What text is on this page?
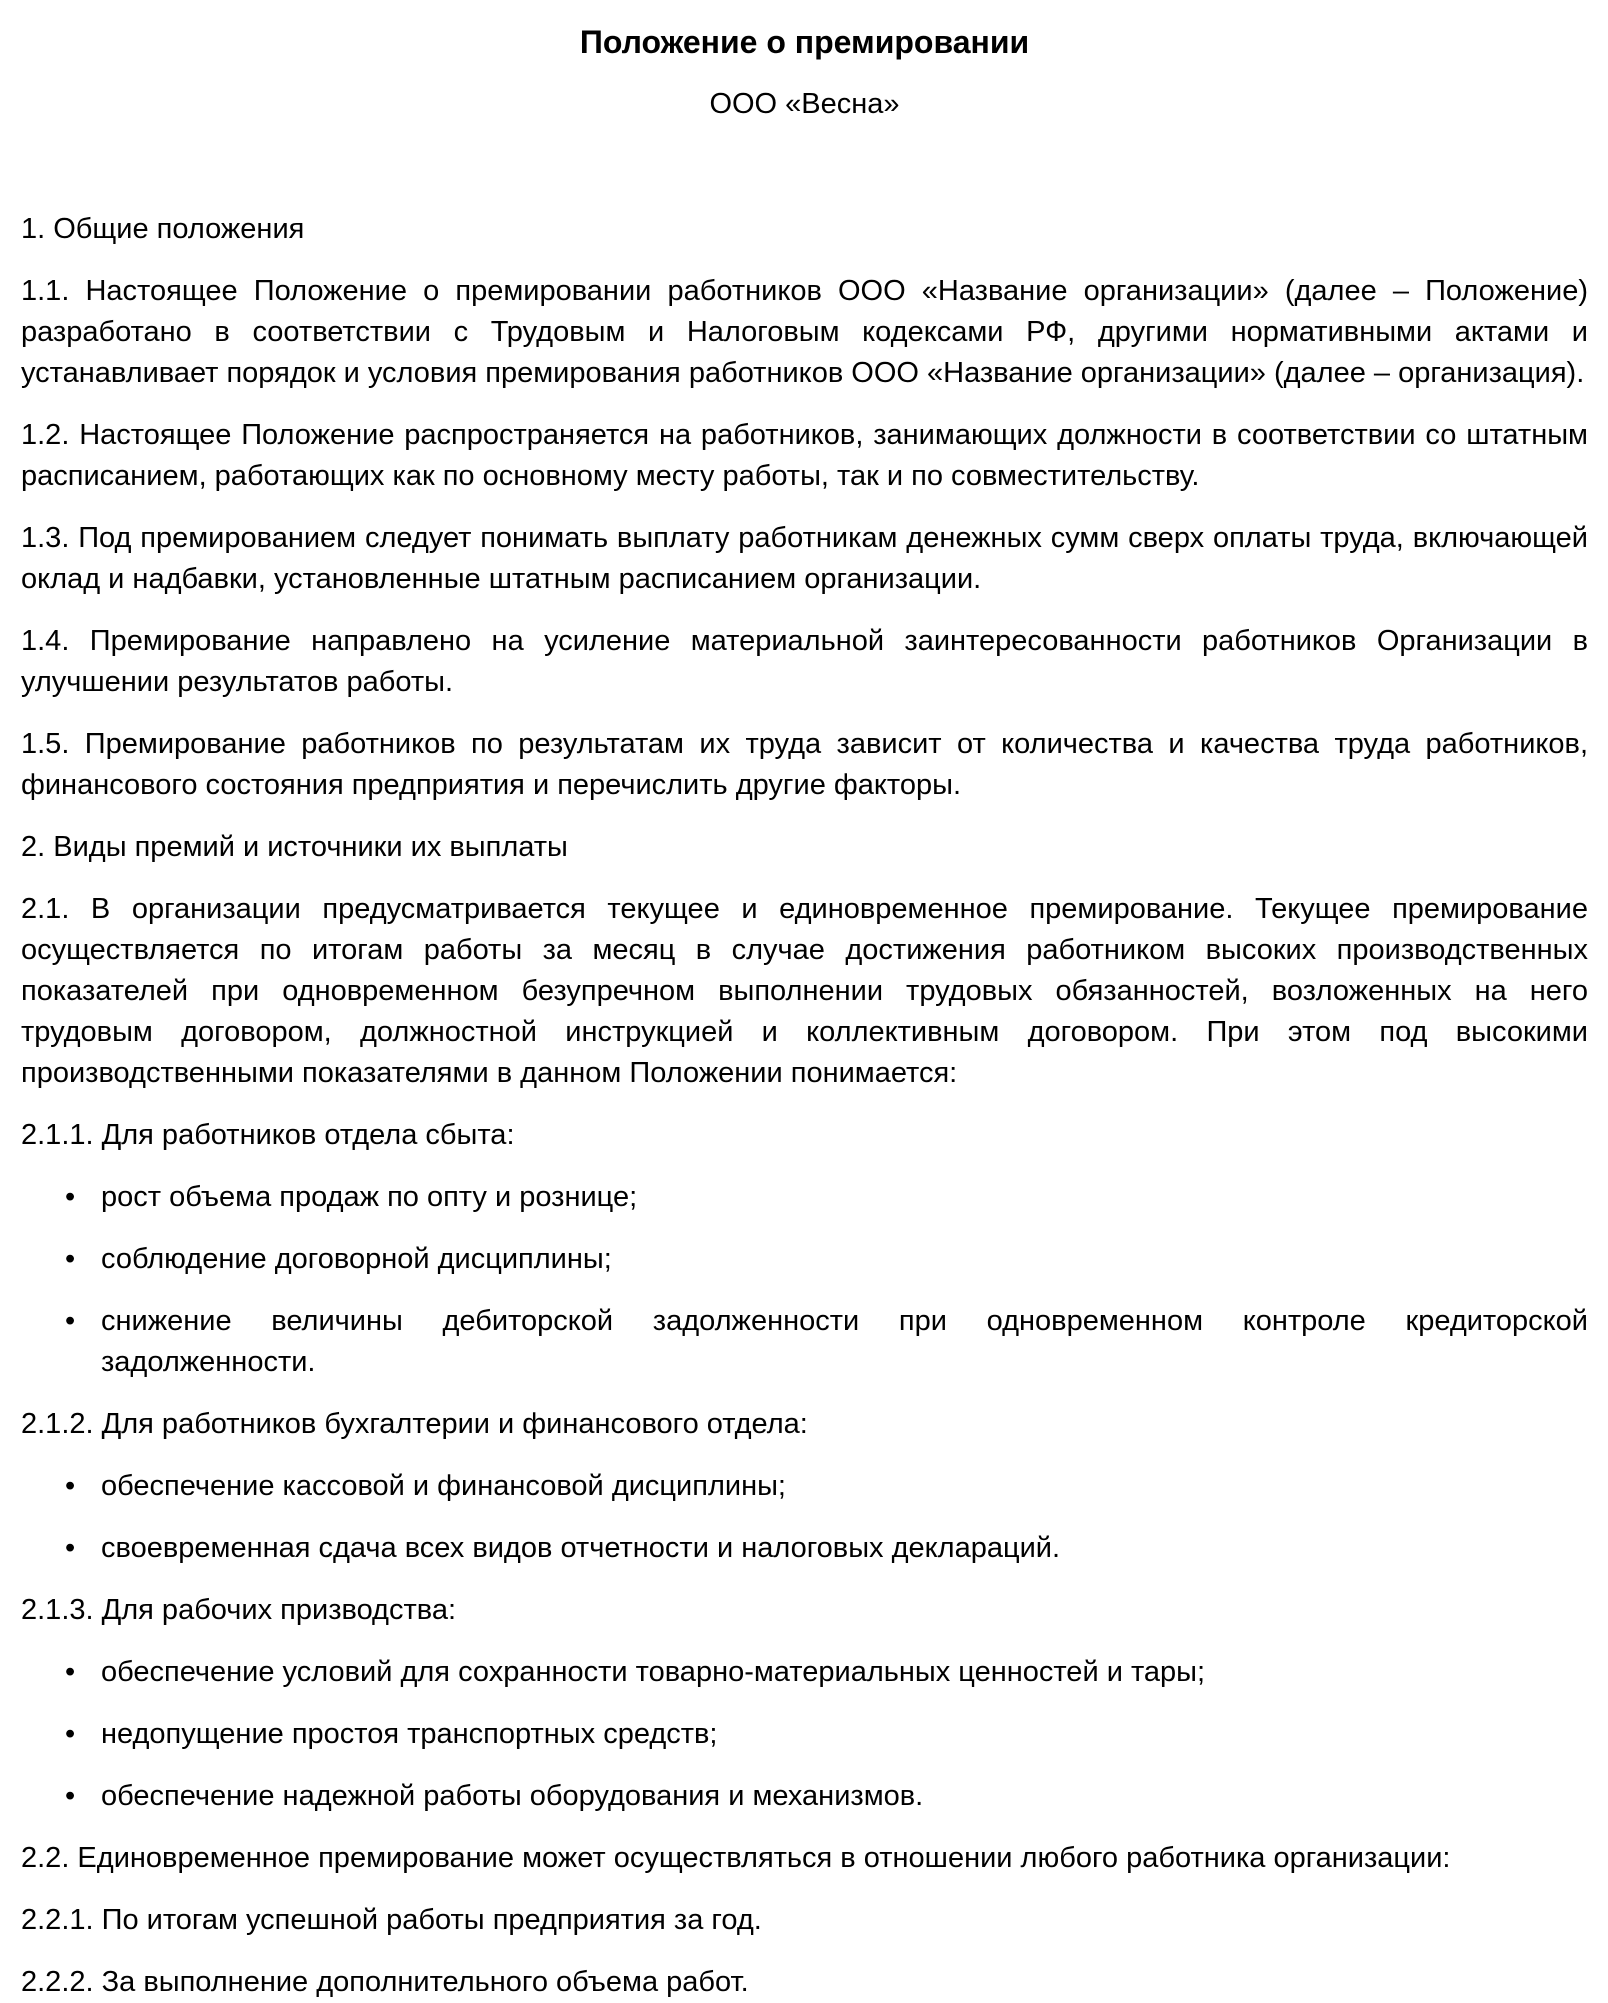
Положение о премировании

ООО «Весна»

1. Общие положения

1.1. Настоящее Положение о премировании работников ООО «Название организации» (далее – Положение) разработано в соответствии с Трудовым и Налоговым кодексами РФ, другими нормативными актами и устанавливает порядок и условия премирования работников ООО «Название организации» (далее – организация).

1.2. Настоящее Положение распространяется на работников, занимающих должности в соответствии со штатным расписанием, работающих как по основному месту работы, так и по совместительству.

1.3. Под премированием следует понимать выплату работникам денежных сумм сверх оплаты труда, включающей оклад и надбавки, установленные штатным расписанием организации.

1.4. Премирование направлено на усиление материальной заинтересованности работников Организации в улучшении результатов работы.

1.5. Премирование работников по результатам их труда зависит от количества и качества труда работников, финансового состояния предприятия и перечислить другие факторы.

2. Виды премий и источники их выплаты

2.1. В организации предусматривается текущее и единовременное премирование. Текущее премирование осуществляется по итогам работы за месяц в случае достижения работником высоких производственных показателей при одновременном безупречном выполнении трудовых обязанностей, возложенных на него трудовым договором, должностной инструкцией и коллективным договором. При этом под высокими производственными показателями в данном Положении понимается:

2.1.1. Для работников отдела сбыта:

• рост объема продаж по опту и рознице;
• соблюдение договорной дисциплины;
• снижение величины дебиторской задолженности при одновременном контроле кредиторской задолженности.

2.1.2. Для работников бухгалтерии и финансового отдела:

• обеспечение кассовой и финансовой дисциплины;
• своевременная сдача всех видов отчетности и налоговых деклараций.

2.1.3. Для рабочих призводства:

• обеспечение условий для сохранности товарно-материальных ценностей и тары;
• недопущение простоя транспортных средств;
• обеспечение надежной работы оборудования и механизмов.

2.2. Единовременное премирование может осуществляться в отношении любого работника организации:

2.2.1. По итогам успешной работы предприятия за год.

2.2.2. За выполнение дополнительного объема работ.
